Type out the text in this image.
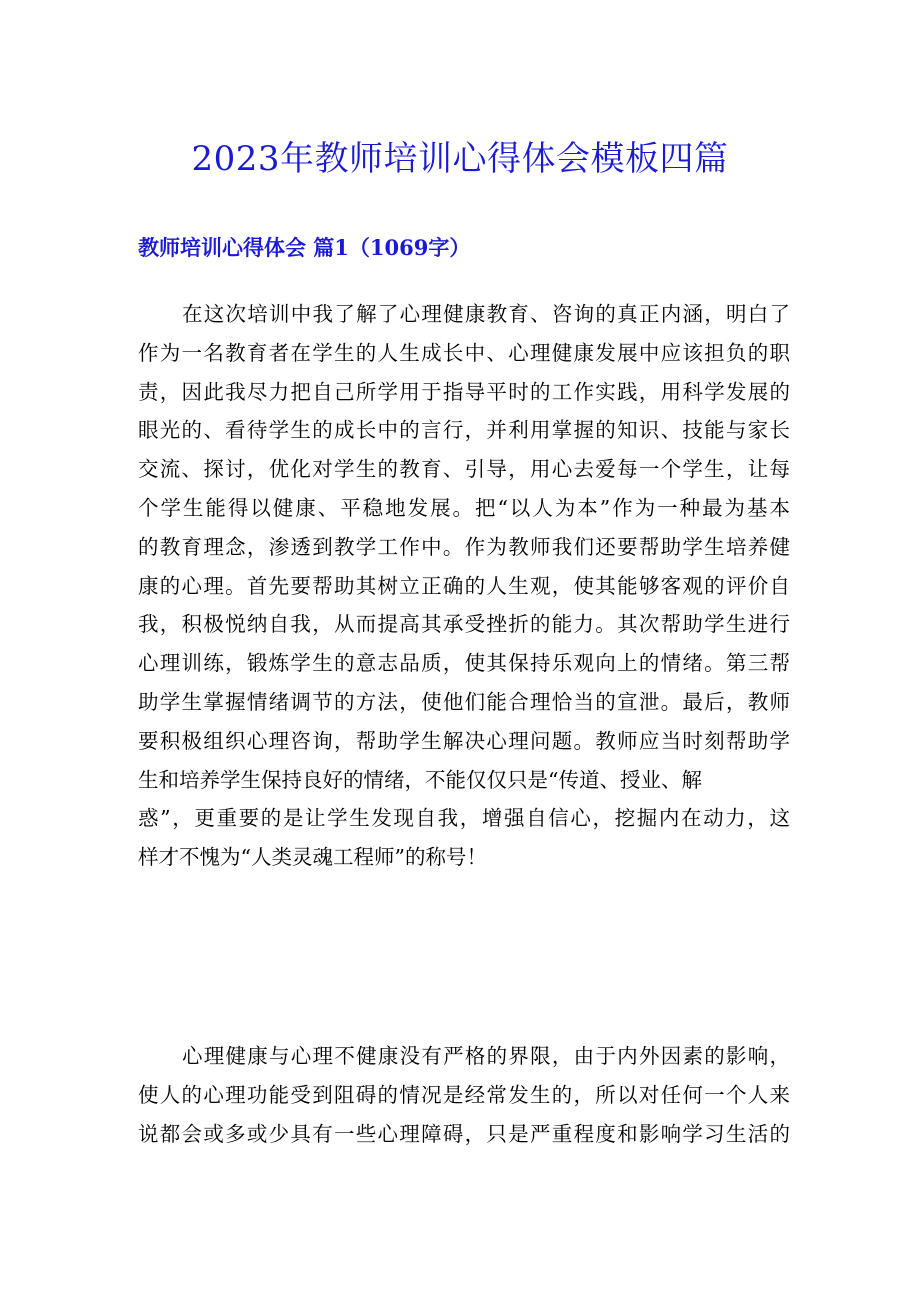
2023年教师培训心得体会模板四篇
教师培训心得体会 篇1（1069字）
在这次培训中我了解了心理健康教育、咨询的真正内涵，明白了
作为一名教育者在学生的人生成长中、心理健康发展中应该担负的职
责，因此我尽力把自己所学用于指导平时的工作实践，用科学发展的
眼光的、看待学生的成长中的言行，并利用掌握的知识、技能与家长
交流、探讨，优化对学生的教育、引导，用心去爱每一个学生，让每
个学生能得以健康、平稳地发展。把“以人为本”作为一种最为基本
的教育理念，渗透到教学工作中。作为教师我们还要帮助学生培养健
康的心理。首先要帮助其树立正确的人生观，使其能够客观的评价自
我，积极悦纳自我，从而提高其承受挫折的能力。其次帮助学生进行
心理训练，锻炼学生的意志品质，使其保持乐观向上的情绪。第三帮
助学生掌握情绪调节的方法，使他们能合理恰当的宣泄。最后，教师
要积极组织心理咨询，帮助学生解决心理问题。教师应当时刻帮助学
生和培养学生保持良好的情绪，不能仅仅只是“传道、授业、解
惑”，更重要的是让学生发现自我，增强自信心，挖掘内在动力，这
样才不愧为“人类灵魂工程师”的称号！
心理健康与心理不健康没有严格的界限，由于内外因素的影响，
使人的心理功能受到阻碍的情况是经常发生的，所以对任何一个人来
说都会或多或少具有一些心理障碍，只是严重程度和影响学习生活的
